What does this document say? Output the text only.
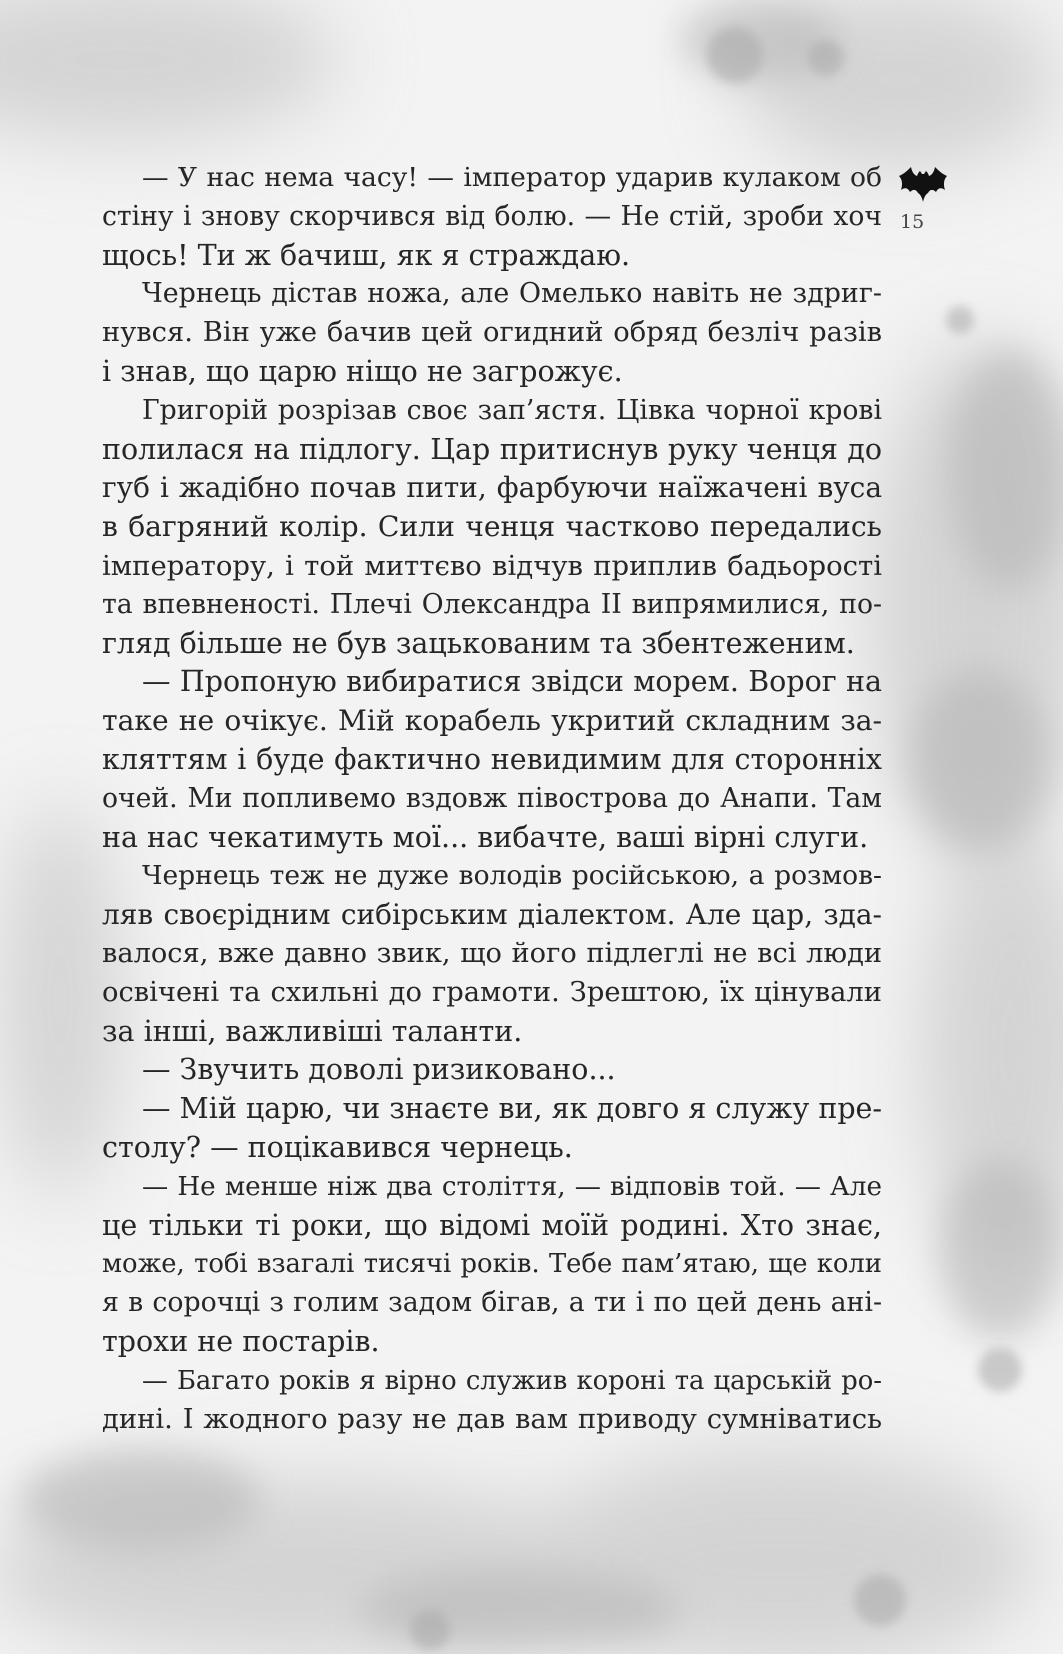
15
— У нас нема часу! — імператор ударив кулаком об
стіну і знову скорчився від болю. — Не стій, зроби хоч
щось! Ти ж бачиш, як я страждаю.
Чернець дістав ножа, але Омелько навіть не здриг-
нувся. Він уже бачив цей огидний обряд безліч разів
і знав, що царю ніщо не загрожує.
Григорій розрізав своє зап’ястя. Цівка чорної крові
полилася на підлогу. Цар притиснув руку ченця до
губ і жадібно почав пити, фарбуючи наїжачені вуса
в багряний колір. Сили ченця частково передались
імператору, і той миттєво відчув приплив бадьорості
та впевненості. Плечі Олександра II випрямилися, по-
гляд більше не був зацькованим та збентеженим.
— Пропоную вибиратися звідси морем. Ворог на
таке не очікує. Мій корабель укритий складним за-
кляттям і буде фактично невидимим для сторонніх
очей. Ми попливемо вздовж півострова до Анапи. Там
на нас чекатимуть мої... вибачте, ваші вірні слуги.
Чернець теж не дуже володів російською, а розмов-
ляв своєрідним сибірським діалектом. Але цар, зда-
валося, вже давно звик, що його підлеглі не всі люди
освічені та схильні до грамоти. Зрештою, їх цінували
за інші, важливіші таланти.
— Звучить доволі ризиковано...
— Мій царю, чи знаєте ви, як довго я служу пре-
столу? — поцікавився чернець.
— Не менше ніж два століття, — відповів той. — Але
це тільки ті роки, що відомі моїй родині. Хто знає,
може, тобі взагалі тисячі років. Тебе пам’ятаю, ще коли
я в сорочці з голим задом бігав, а ти і по цей день ані-
трохи не постарів.
— Багато років я вірно служив короні та царській ро-
дині. І жодного разу не дав вам приводу сумніватись
